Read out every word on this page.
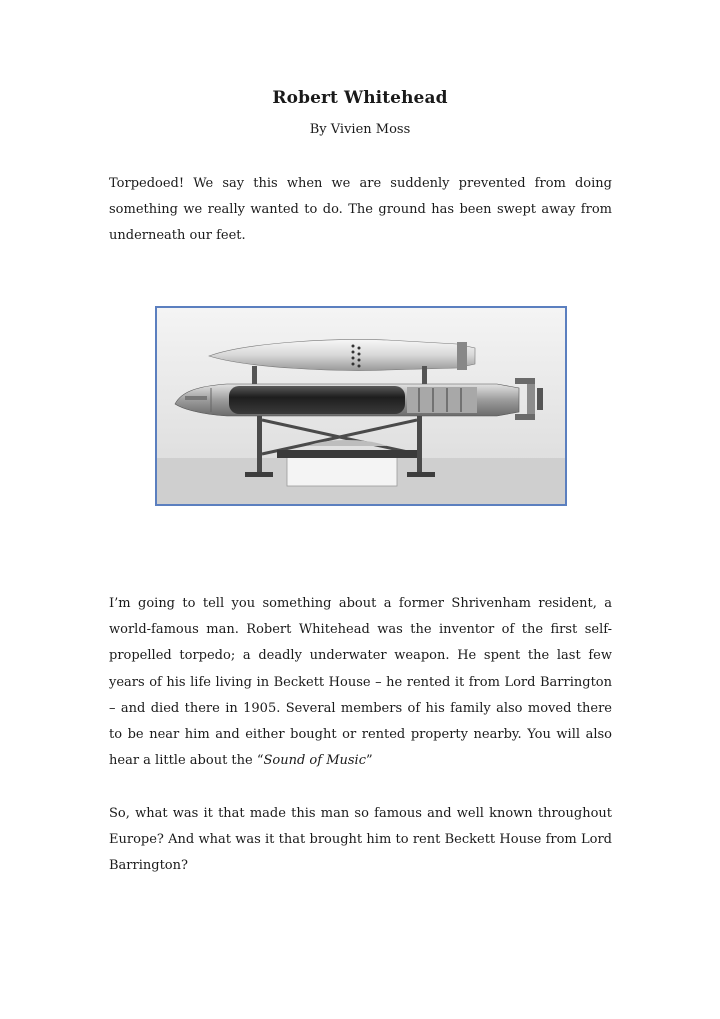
Robert Whitehead
By Vivien Moss

Torpedoed! We say this when we are suddenly prevented from doing something we really wanted to do. The ground has been swept away from underneath our feet.

I’m going to tell you something about a former Shrivenham resident, a world-famous man. Robert Whitehead was the inventor of the first self-propelled torpedo; a deadly underwater weapon. He spent the last few years of his life living in Beckett House – he rented it from Lord Barrington – and died there in 1905. Several members of his family also moved there to be near him and either bought or rented property nearby. You will also hear a little about the “Sound of Music”

So, what was it that made this man so famous and well known throughout Europe? And what was it that brought him to rent Beckett House from Lord Barrington?
